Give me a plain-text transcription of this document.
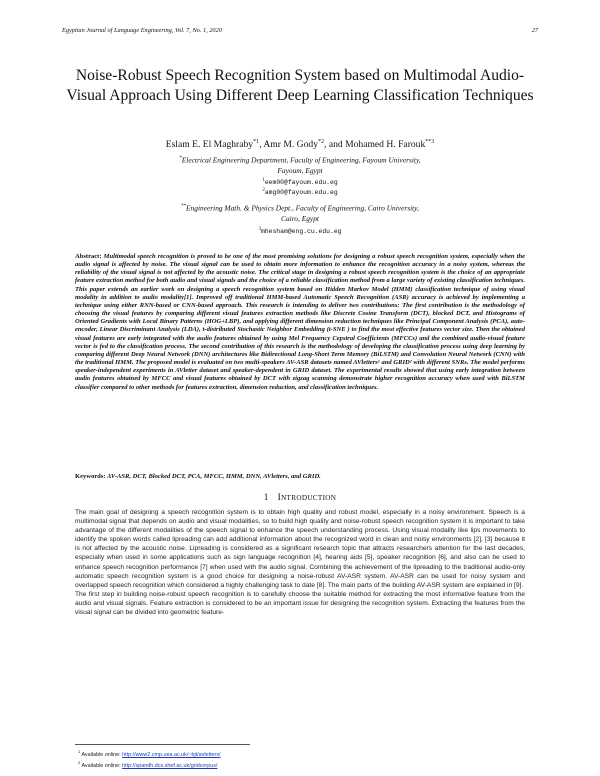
Egyptian Journal of Language Engineering, Vol. 7, No. 1, 2020	27
Noise-Robust Speech Recognition System based on Multimodal Audio-Visual Approach Using Different Deep Learning Classification Techniques
Eslam E. El Maghraby$^{*1}$, Amr M. Gody$^{*2}$, and Mohamed H. Farouk$^{**3}$
*Electrical Engineering Department, Faculty of Engineering, Fayoum University,
Fayoum, Egypt
$^1$eem00@fayoum.edu.eg
$^2$amg00@fayoum.edu.eg
**Engineering Math. & Physics Dept., Faculty of Engineering, Cairo University,
Cairo, Egypt
$^3$mhesham@eng.cu.edu.eg
Abstract: Multimodal speech recognition is proved to be one of the most promising solutions for designing a robust speech recognition system, especially when the audio signal is affected by noise. The visual signal can be used to obtain more information to enhance the recognition accuracy in a noisy system, whereas the reliability of the visual signal is not affected by the acoustic noise. The critical stage in designing a robust speech recognition system is the choice of an appropriate feature extraction method for both audio and visual signals and the choice of a reliable classification method from a large variety of existing classification techniques. This paper extends an earlier work on designing a speech recognition system based on Hidden Markov Model (HMM) classification technique of using visual modality in addition to audio modality[1]. Improved off traditional HMM-based Automatic Speech Recognition (ASR) accuracy is achieved by implementing a technique using either RNN-based or CNN-based approach. This research is intending to deliver two contributions: The first contribution is the methodology of choosing the visual features by comparing different visual features extraction methods like Discrete Cosine Transform (DCT), blocked DCT, and Histograms of Oriented Gradients with Local Binary Patterns (HOG+LBP), and applying different dimension reduction techniques like Principal Component Analysis (PCA), auto-encoder, Linear Discriminant Analysis (LDA), t-distributed Stochastic Neighbor Embedding (t-SNE ) to find the most effective features vector size. Then the obtained visual features are early integrated with the audio features obtained by using Mel Frequency Cepstral Coefficients (MFCCs) and the combined audio-visual feature vector is fed to the classification process. The second contribution of this research is the methodology of developing the classification process using deep learning by comparing different Deep Neural Network (DNN) architectures like Bidirectional Long-Short Term Memory (BiLSTM) and Convolution Neural Network (CNN) with the traditional HMM. The proposed model is evaluated on two multi-speakers AV-ASR datasets named AVletters¹ and GRID² with different SNRs. The model performs speaker-independent experiments in AVletter dataset and speaker-dependent in GRID dataset. The experimental results showed that using early integration between audio features obtained by MFCC and visual features obtained by DCT with zigzag scanning demonstrate higher recognition accuracy when used with BiLSTM classifier compared to other methods for features extraction, dimension reduction, and classification techniques.
Keywords: AV-ASR, DCT, Blocked DCT, PCA, MFCC, HMM, DNN, AVletters, and GRID.
1 INTRODUCTION

The main goal of designing a speech recognition system is to obtain high quality and robust model, especially in a noisy environment. Speech is a multimodal signal that depends on audio and visual modalities, so to build high quality and noise-robust speech recognition system it is important to take advantage of the different modalities of the speech signal to enhance the speech understanding process. Using visual modality like lips movements to identify the spoken words called lipreading can add additional information about the recognized word in clean and noisy environments [2], [3] because it is not affected by the acoustic noise. Lipreading is considered as a significant research topic that attracts researchers attention for the last decades, especially when used in some applications such as sign language recognition [4], hearing aids [5], speaker recognition [6], and also can be used to enhance speech recognition performance [7] when used with the audio signal. Combining the achievement of the lipreading to the traditional audio-only automatic speech recognition system is a good choice for designing a noise-robust AV-ASR system. AV-ASR can be used for noisy system and overlapped speech recognition which considered a highly challenging task to date [8]. The main parts of the building AV-ASR system are explained in [9].

The first step in building noise-robust speech recognition is to carefully choose the suitable method for extracting the most informative feature from the audio and visual signals. Feature extraction is considered to be an important issue for designing the recognition system. Extracting the features from the visual signal can be divided into geometric feature-

$^1$ Available online: http://www2.cmp.uea.ac.uk/~bjt/avletters/
$^2$ Available online: http://spandh.dcs.shef.ac.uk/gridcorpus/
